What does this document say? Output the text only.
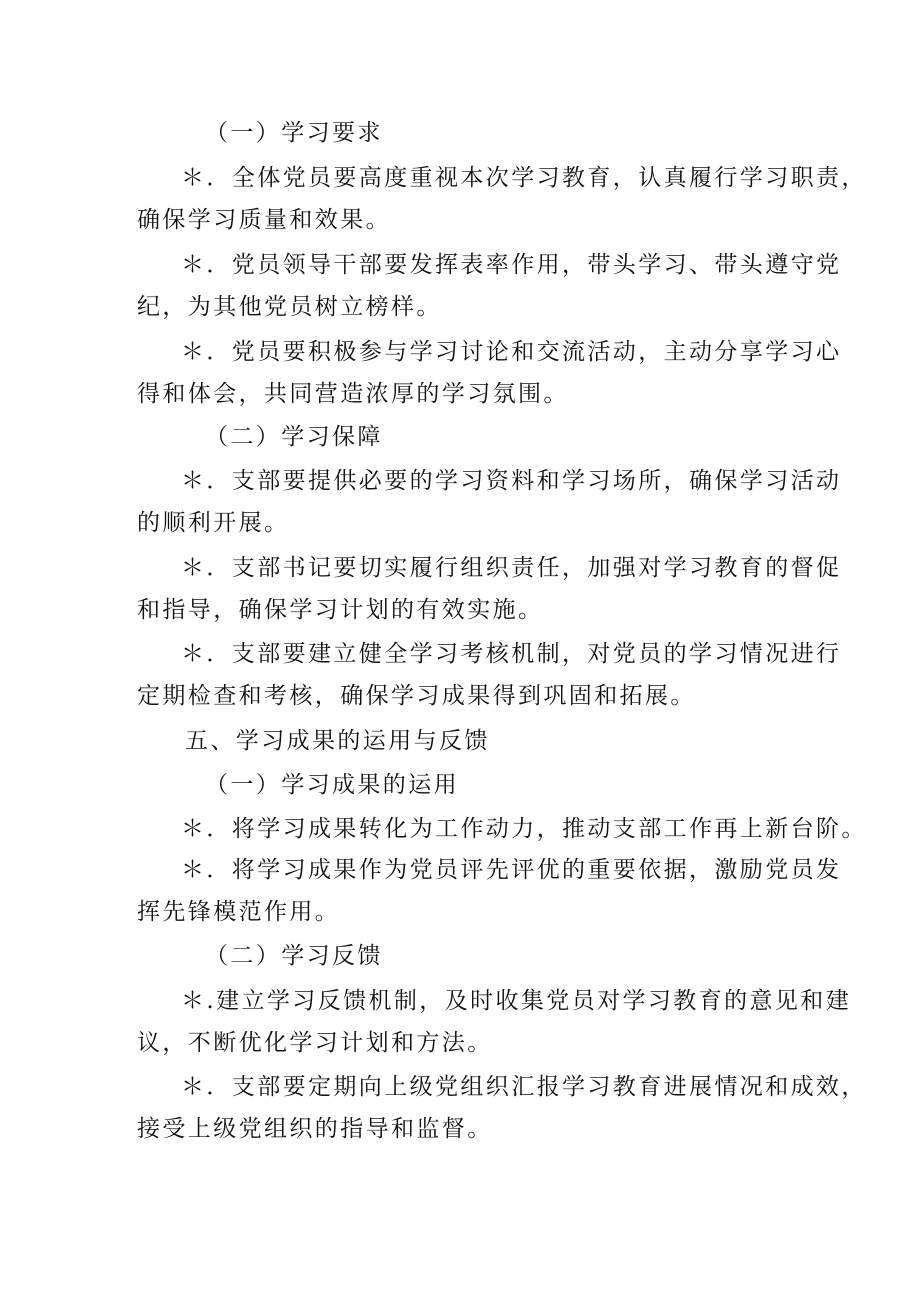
（一）学习要求
＊．全体党员要高度重视本次学习教育，认真履行学习职责，
确保学习质量和效果。
＊．党员领导干部要发挥表率作用，带头学习、带头遵守党
纪，为其他党员树立榜样。
＊．党员要积极参与学习讨论和交流活动，主动分享学习心
得和体会，共同营造浓厚的学习氛围。
（二）学习保障
＊．支部要提供必要的学习资料和学习场所，确保学习活动
的顺利开展。
＊．支部书记要切实履行组织责任，加强对学习教育的督促
和指导，确保学习计划的有效实施。
＊．支部要建立健全学习考核机制，对党员的学习情况进行
定期检查和考核，确保学习成果得到巩固和拓展。
五、学习成果的运用与反馈
（一）学习成果的运用
＊．将学习成果转化为工作动力，推动支部工作再上新台阶。
＊．将学习成果作为党员评先评优的重要依据，激励党员发
挥先锋模范作用。
（二）学习反馈
＊.建立学习反馈机制，及时收集党员对学习教育的意见和建
议，不断优化学习计划和方法。
＊．支部要定期向上级党组织汇报学习教育进展情况和成效，
接受上级党组织的指导和监督。
